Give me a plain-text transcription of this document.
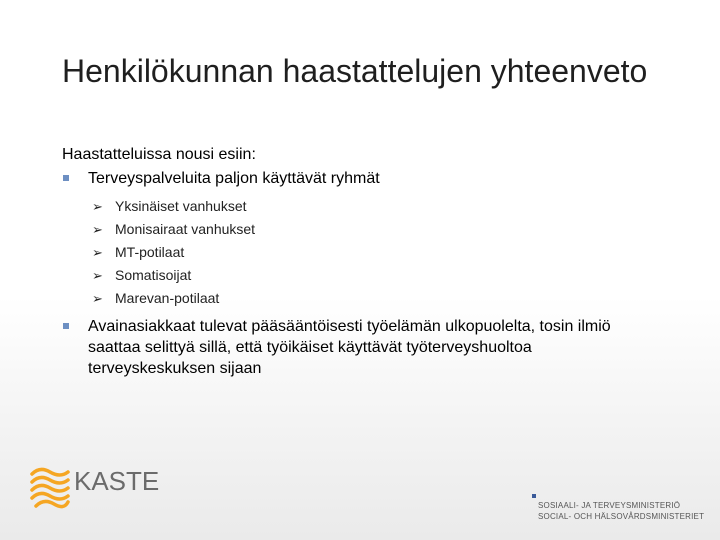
Henkilökunnan haastattelujen yhteenveto

Haastatteluissa nousi esiin:

Terveyspalveluita paljon käyttävät ryhmät
➢ Yksinäiset vanhukset
➢ Monisairaat vanhukset
➢ MT-potilaat
➢ Somatisoijat
➢ Marevan-potilaat
Avainasiakkaat tulevat pääsääntöisesti työelämän ulkopuolelta, tosin ilmiö saattaa selittyä sillä, että työikäiset käyttävät työterveyshuoltoa terveyskeskuksen sijaan
KASTE
SOSIAALI- JA TERVEYSMINISTERIÖ
SOCIAL- OCH HÄLSOVÅRDSMINISTERIET
